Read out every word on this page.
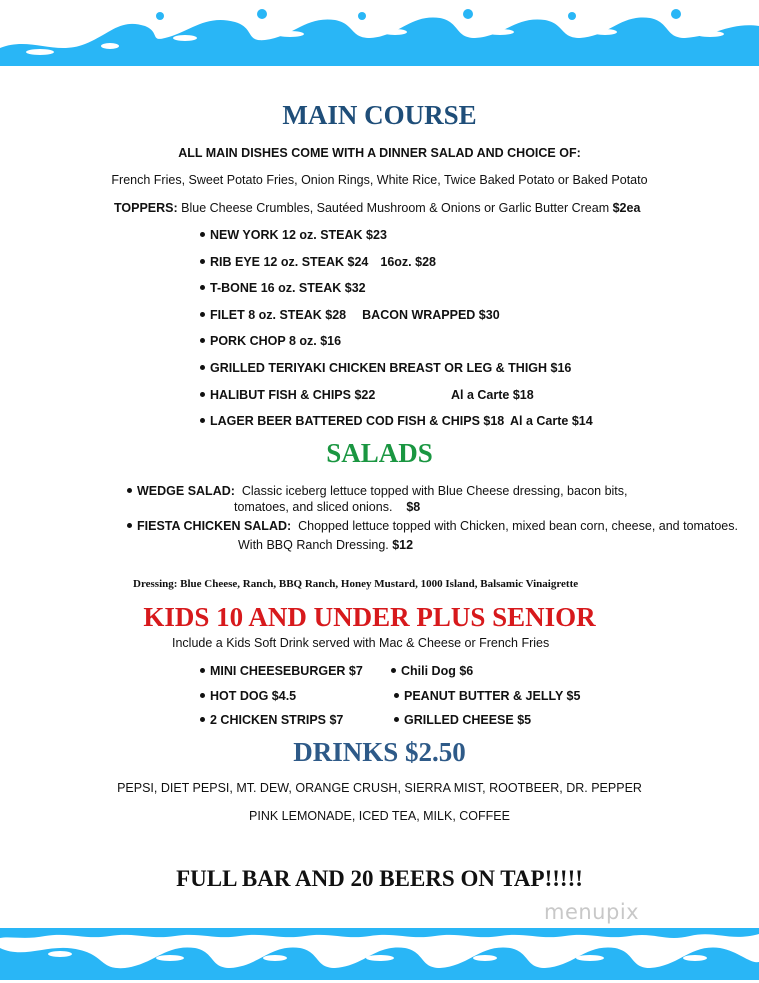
MAIN COURSE
ALL MAIN DISHES COME WITH A DINNER SALAD AND CHOICE OF:
French Fries, Sweet Potato Fries, Onion Rings, White Rice, Twice Baked Potato or Baked Potato
TOPPERS: Blue Cheese Crumbles, Sautéed Mushroom & Onions or Garlic Butter Cream $2ea
NEW YORK 12 oz. STEAK $23
RIB EYE 12 oz. STEAK $24 16oz. $28
T-BONE 16 oz. STEAK $32
FILET 8 oz. STEAK $28 BACON WRAPPED $30
PORK CHOP 8 oz. $16
GRILLED TERIYAKI CHICKEN BREAST OR LEG & THIGH $16
HALIBUT FISH & CHIPS $22	Al a Carte $18
LAGER BEER BATTERED COD FISH & CHIPS $18 Al a Carte $14
SALADS
WEDGE SALAD: Classic iceberg lettuce topped with Blue Cheese dressing, bacon bits,
tomatoes, and sliced onions. $8
FIESTA CHICKEN SALAD: Chopped lettuce topped with Chicken, mixed bean corn, cheese, and tomatoes.
With BBQ Ranch Dressing. $12
Dressing: Blue Cheese, Ranch, BBQ Ranch, Honey Mustard, 1000 Island, Balsamic Vinaigrette
KIDS 10 AND UNDER PLUS SENIOR
Include a Kids Soft Drink served with Mac & Cheese or French Fries
MINI CHEESEBURGER $7
HOT DOG $4.5
2 CHICKEN STRIPS $7
Chili Dog $6
PEANUT BUTTER & JELLY $5
GRILLED CHEESE $5
DRINKS $2.50
PEPSI, DIET PEPSI, MT. DEW, ORANGE CRUSH, SIERRA MIST, ROOTBEER, DR. PEPPER
PINK LEMONADE, ICED TEA, MILK, COFFEE
FULL BAR AND 20 BEERS ON TAP!!!!!
menupix
